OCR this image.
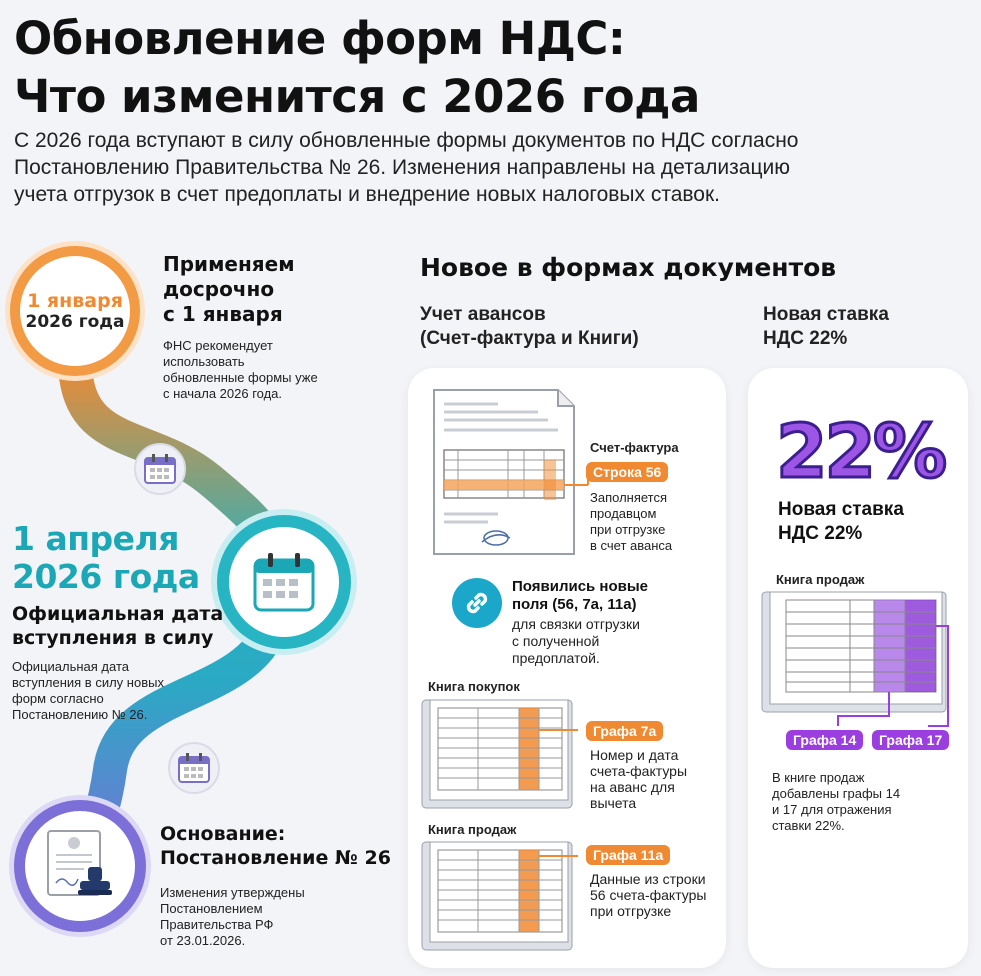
Обновление форм НДС:
Что изменится с 2026 года
С 2026 года вступают в силу обновленные формы документов по НДС согласно
Постановлению Правительства № 26. Изменения направлены на детализацию
учета отгрузок в счет предоплаты и внедрение новых налоговых ставок.
1 января
2026 года
Применяем
досрочно
с 1 января
ФНС рекомендует
использовать
обновленные формы уже
с начала 2026 года.
1 апреля
2026 года
Официальная дата
вступления в силу
Официальная дата
вступления в силу новых
форм согласно
Постановлению № 26.
Основание:
Постановление № 26
Изменения утверждены
Постановлением
Правительства РФ
от 23.01.2026.
Новое в формах документов
Учет авансов
(Счет-фактура и Книги)
Новая ставка
НДС 22%
Счет-фактура
Строка 56
Заполняется
продавцом
при отгрузке
в счет аванса
Появились новые
поля (56, 7а, 11а)
для связки отгрузки
с полученной
предоплатой.
Книга покупок
Графа 7а
Номер и дата
счета-фактуры
на аванс для
вычета
Книга продаж
Графа 11а
Данные из строки
56 счета-фактуры
при отгрузке
22%
Новая ставка
НДС 22%
Книга продаж
Графа 14	Графа 17
В книге продаж
добавлены графы 14
и 17 для отражения
ставки 22%.
